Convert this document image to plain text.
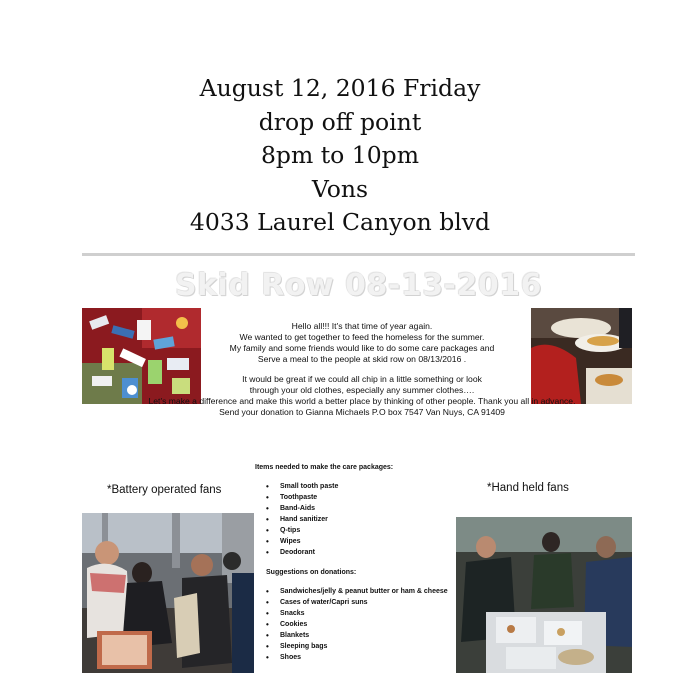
August 12, 2016 Friday
drop off point
8pm to 10pm
Vons
4033 Laurel Canyon blvd
Skid Row 08-13-2016
Hello all!!! It's that time of year again.
We wanted to get together to feed the homeless for the summer.
My family and some friends would like to do some care packages and
Serve a meal to the people at skid row on 08/13/2016 .
It would be great if we could all chip in a little something or look
through your old clothes, especially any summer clothes….
Let's make a difference and make this world a better place by thinking of other people. Thank you all in advance.
Send your donation to Gianna Michaels P.O box 7547 Van Nuys, CA 91409
*Battery operated fans	*Hand held fans
Items needed to make the care packages:
• Small tooth paste
• Toothpaste
• Band-Aids
• Hand sanitizer
• Q-tips
• Wipes
• Deodorant
Suggestions on donations:
• Sandwiches/jelly & peanut butter or ham & cheese
• Cases of water/Capri suns
• Snacks
• Cookies
• Blankets
• Sleeping bags
• Shoes
